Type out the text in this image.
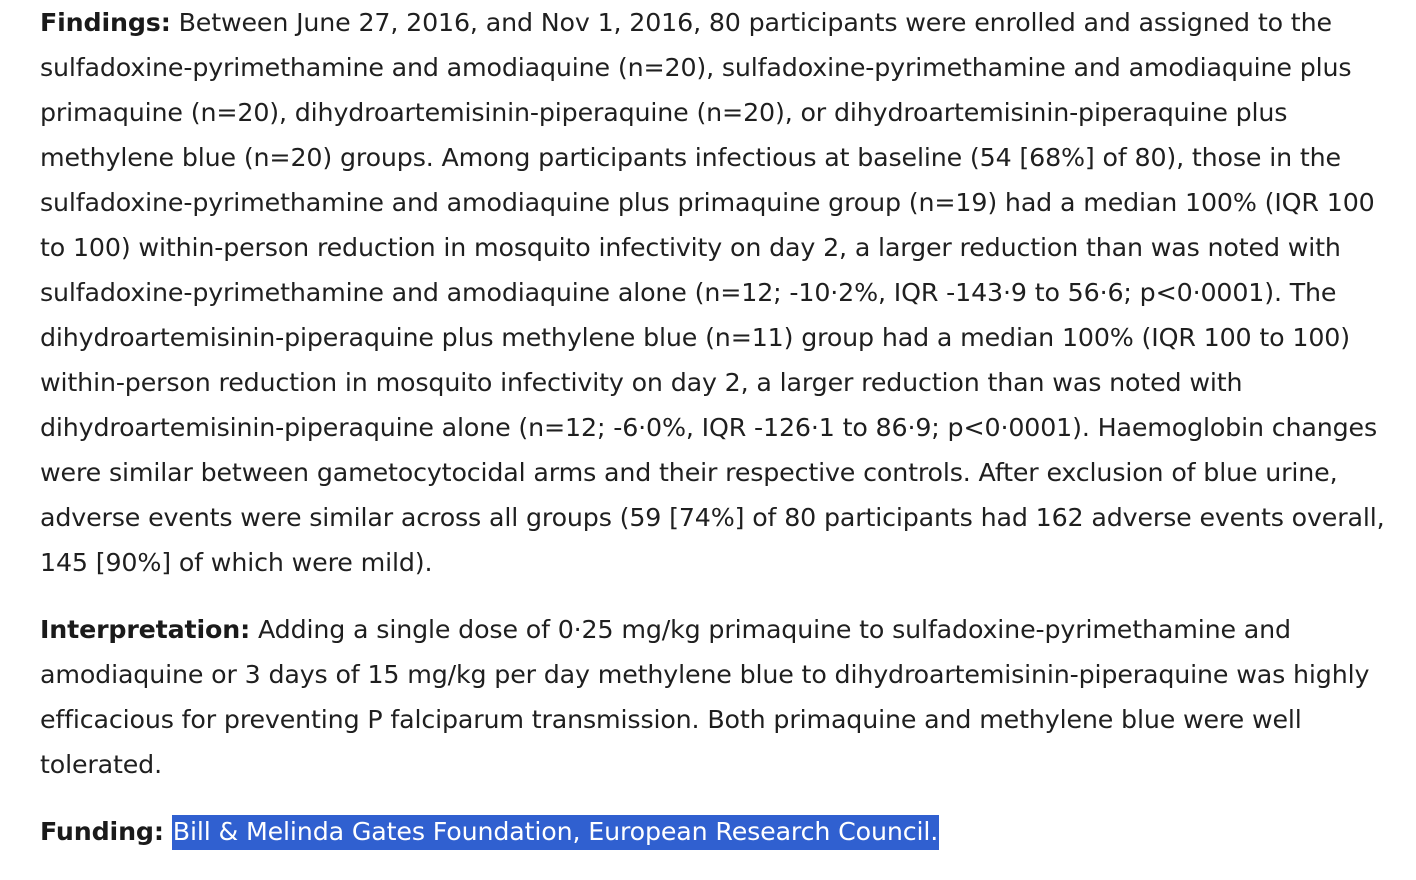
Findings: Between June 27, 2016, and Nov 1, 2016, 80 participants were enrolled and assigned to the sulfadoxine-pyrimethamine and amodiaquine (n=20), sulfadoxine-pyrimethamine and amodiaquine plus primaquine (n=20), dihydroartemisinin-piperaquine (n=20), or dihydroartemisinin-piperaquine plus methylene blue (n=20) groups. Among participants infectious at baseline (54 [68%] of 80), those in the sulfadoxine-pyrimethamine and amodiaquine plus primaquine group (n=19) had a median 100% (IQR 100 to 100) within-person reduction in mosquito infectivity on day 2, a larger reduction than was noted with sulfadoxine-pyrimethamine and amodiaquine alone (n=12; -10·2%, IQR -143·9 to 56·6; p<0·0001). The dihydroartemisinin-piperaquine plus methylene blue (n=11) group had a median 100% (IQR 100 to 100) within-person reduction in mosquito infectivity on day 2, a larger reduction than was noted with dihydroartemisinin-piperaquine alone (n=12; -6·0%, IQR -126·1 to 86·9; p<0·0001). Haemoglobin changes were similar between gametocytocidal arms and their respective controls. After exclusion of blue urine, adverse events were similar across all groups (59 [74%] of 80 participants had 162 adverse events overall, 145 [90%] of which were mild).

Interpretation: Adding a single dose of 0·25 mg/kg primaquine to sulfadoxine-pyrimethamine and amodiaquine or 3 days of 15 mg/kg per day methylene blue to dihydroartemisinin-piperaquine was highly efficacious for preventing P falciparum transmission. Both primaquine and methylene blue were well tolerated.

Funding: Bill & Melinda Gates Foundation, European Research Council.
